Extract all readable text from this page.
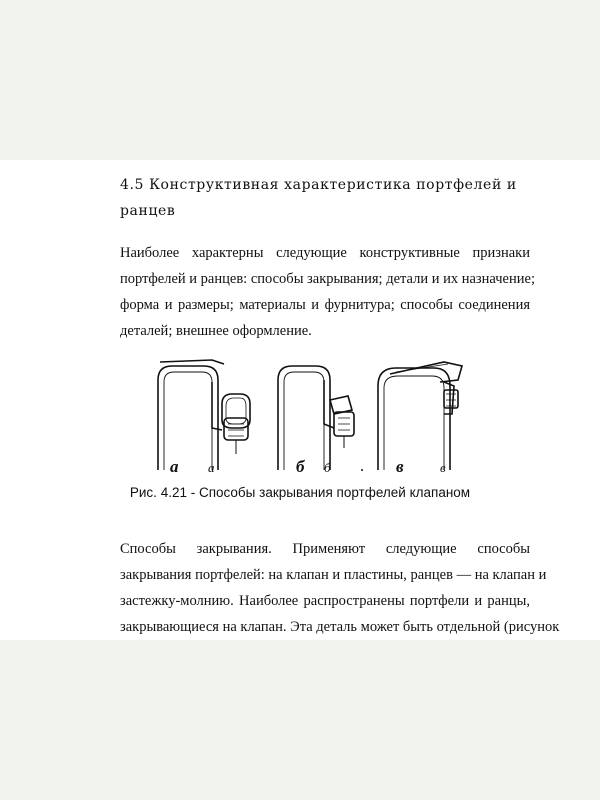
4.5 Конструктивная характеристика портфелей и
ранцев

Наиболее характерны следующие конструктивные признаки
портфелей и ранцев: способы закрывания; детали и их назначение;
форма и размеры; материалы и фурнитура; способы соединения
деталей; внешнее оформление.

а а	б б	в	в

Рис. 4.21 - Способы закрывания портфелей клапаном

Способы закрывания. Применяют следующие способы
закрывания портфелей: на клапан и пластины, ранцев — на клапан и
застежку-молнию. Наиболее распространены портфели и ранцы,
закрывающиеся на клапан. Эта деталь может быть отдельной (рисунок
